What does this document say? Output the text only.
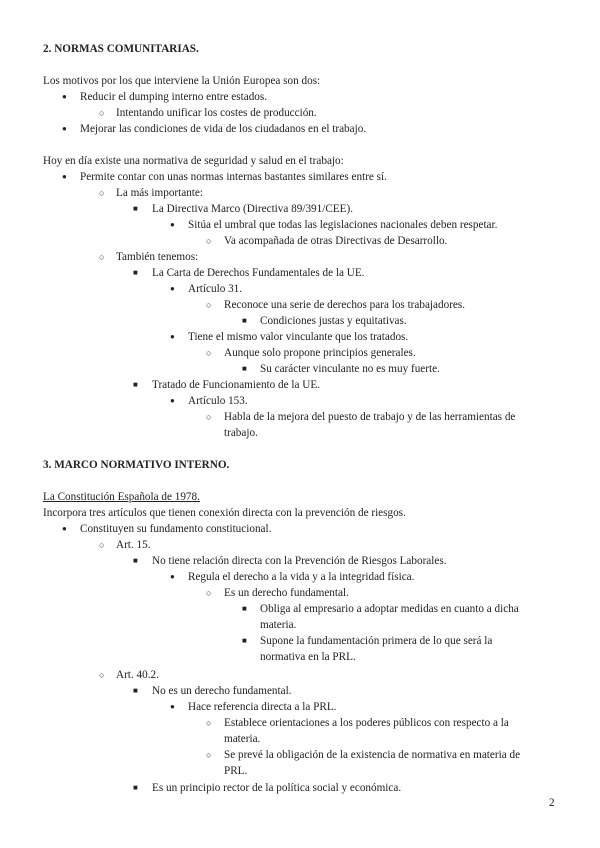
2. NORMAS COMUNITARIAS.
Los motivos por los que interviene la Unión Europea son dos:
● Reducir el dumping interno entre estados.
○ Intentando unificar los costes de producción.
● Mejorar las condiciones de vida de los ciudadanos en el trabajo.
Hoy en día existe una normativa de seguridad y salud en el trabajo:
● Permite contar con unas normas internas bastantes similares entre sí.
○ La más importante:
■ La Directiva Marco (Directiva 89/391/CEE).
● Sitúa el umbral que todas las legislaciones nacionales deben respetar.
○ Va acompañada de otras Directivas de Desarrollo.
○ También tenemos:
■ La Carta de Derechos Fundamentales de la UE.
● Artículo 31.
○ Reconoce una serie de derechos para los trabajadores.
■ Condiciones justas y equitativas.
● Tiene el mismo valor vinculante que los tratados.
○ Aunque solo propone principios generales.
■ Su carácter vinculante no es muy fuerte.
■ Tratado de Funcionamiento de la UE.
● Artículo 153.
○ Habla de la mejora del puesto de trabajo y de las herramientas de
trabajo.
3. MARCO NORMATIVO INTERNO.
La Constitución Española de 1978.
Incorpora tres artículos que tienen conexión directa con la prevención de riesgos.
● Constituyen su fundamento constitucional.
○ Art. 15.
■ No tiene relación directa con la Prevención de Riesgos Laborales.
● Regula el derecho a la vida y a la integridad física.
○ Es un derecho fundamental.
■ Obliga al empresario a adoptar medidas en cuanto a dicha
materia.
■ Supone la fundamentación primera de lo que será la
normativa en la PRL.
○ Art. 40.2.
■ No es un derecho fundamental.
● Hace referencia directa a la PRL.
○ Establece orientaciones a los poderes públicos con respecto a la
materia.
○ Se prevé la obligación de la existencia de normativa en materia de
PRL.
■ Es un principio rector de la política social y económica.
2
